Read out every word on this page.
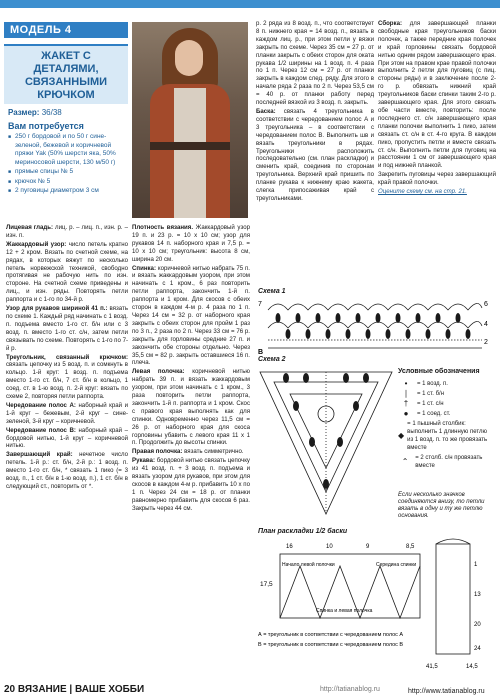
МОДЕЛЬ 4
ЖАКЕТ С ДЕТАЛЯМИ, СВЯЗАННЫМИ КРЮЧКОМ
Размер: 36/38
Вам потребуется
■ 250 г бордовой и по 50 г сине-зеленой, бежевой и коричневой пряжи Yak (50% шерсти яка, 50% мериносовой шерсти, 130 м/50 г)
■ прямые спицы № 5
■ крючок № 5
■ 2 пуговицы диаметром 3 см

Лицевая гладь: лиц. р. – лиц. п., изн. р. – изн. п.

Жаккардовый узор: число петель кратно 12 + 2 кром. Вязать по счетной схеме, на рядах, в которых вяжут по несколько петель норвежской техникой, свободно протягивая не рабочую нить по изн. стороне. На счетной схеме приведены и лиц., и изн. ряды. Повторять петли раппорта и с 1-го по 34-й р.

Узор для рукавов шириной 41 п.: вязать по схеме 1. Каждый ряд начинать с 1 возд. п. подъема вместо 1-го ст. б/н или с 3 возд. п. вместо 1-го ст. с/н, затем петли связывать по схеме. Повторять с 1-го по 7-й р.

Треугольник, связанный крючком: связать цепочку из 5 возд. п. и сомкнуть в кольцо. 1-й круг: 1 возд. п. подъема вместо 1-го ст. б/н, 7 ст. б/н в кольцо, 1 соед. ст. в 1-ю возд. п. 2-й круг: вязать по схеме 2, повторяя петли раппорта.

Чередование полос А: наборный край и 1-й круг – бежевым, 2-й круг – сине-зеленой, 3-й круг – коричневой.

Чередование полос В: наборный край – бордовой нитью, 1-й круг – коричневой нитью.

Завершающий край: нечетное число петель. 1-й р.: ст. б/н, 2-й р.: 1 возд. п. вместо 1-го ст. б/н, * связать 1 пико (= 3 возд. п., 1 ст. б/н в 1-ю возд. п.), 1 ст. б/н в следующий ст., повторить от *.

Плотность вязания. Жаккардовый узор 19 п. и 23 р. = 10 х 10 см; узор для рукавов 14 п. наборного края и 7,5 р. = 10 х 10 см; треугольник: высота 8 см, ширина 20 см.

Спинка: коричневой нитью набрать 75 п. и вязать жаккардовым узором, при этом начинать с 1 кром., 6 раз повторить петли раппорта, закончить 1-й п. раппорта и 1 кром. Для скосов с обеих сторон в каждом 4-м р. 4 раза по 1 п. Через 14 см = 32 р. от наборного края закрыть с обеих сторон для пройм 1 раз по 3 п., 2 раза по 2 п. Через 33 см = 76 р. закрыть для горловины средние 27 п. и закончить обе стороны отдельно. Через 35,5 см = 82 р. закрыть оставшиеся 16 п. плеча.

Левая полочка: коричневой нитью набрать 39 п. и вязать жаккардовым узором, при этом начинать с 1 кром., 3 раза повторить петли раппорта, закончить 1-й п. раппорта и 1 кром. Скос с правого края выполнять как для спинки. Одновременно через 11,5 см = 26 р. от наборного края для скоса горловины убавить с левого края 11 х 1 п. Продолжить до высоты спинки.

Правая полочка: вязать симметрично.

Рукава: бордовой нитью связать цепочку из 41 возд. п. + 3 возд. п. подъема и вязать узором для рукавов, при этом для скосов в каждом 4-м р. прибавить 10 х по 1 п. Через 24 см = 18 р. от планки равномерно прибавить для скосов 6 раз. Закрыть через 44 см.

р. 2 ряда из 8 возд. п., что соответствует 8 п. нижнего края = 14 возд. п., вязать в каждом лиц. р., при этом петли у вязки закрыть по схеме. Через 35 см = 27 р. от планки закрыть с обеих сторон для оката рукава 1/2 ширины на 1 возд. п. 4 раза по 1 п. Через 12 см = 27 р. от планки закрыть в каждом след. ряду. Для этого в начале ряда 2 раза по 2 п. Через 53,5 см = 40 р. от планки работу перед последней вязкой из 3 возд. п. закрыть.

Баска: связать 4 треугольника в соответствии с чередованием полос А и 3 треугольника – в соответствии с чередованием полос В. Выполнить шв и вязать треугольники в рядах. Треугольники расположить последовательно (см. план раскладки) и сменить край, соединив по сторонам треугольника. Верхний край пришить по планке рукава к нижнему краю жакета, слегка припосаживая край с треугольниками.

Сборка: для завершающей планки свободные края треугольников баски полочек, а также передние края полочек и край горловины связать бордовой нитью одним рядом завершающего края. При этом на правом крае правой полочки выполнить 2 петли для пуговиц (с пиц. стороны ряды) и в заключение после 2-го р. обвязать нижний край треугольников баски спинки таким 2-го р. завершающего края. Для этого связать обе части вместе, повторить: после последнего ст. с/н завершающего края планки полочки выполнить 1 пико, затем связать ст. с/н в ст. 4-го круга. В каждом пико, пропустить петли и вместе связать ст. с/н. Выполнить петли для пуговиц на расстоянии 1 см от завершающего края и под нижней планкой.

Закрепить пуговицы через завершающий край правой полочки.

Оцените схему см. на стр. 21.

Схема 1
7	6
4
2
В
Схема 2
Условные обозначения
•	= 1 возд. п.
∣	= 1 ст. б/н
†	= 1 ст. с/н
●	= 1 соед. ст.
◆
= 1 пышный столбик: выполнить 1 длинную петлю из 1 возд. п. то же провязать вместе
⌃	= 2 столб. с/н провязать вместе
Если несколько значков соединяются внизу, то петли вязать в одну и ту же петлю основания.
План раскладки 1/2 баски
17,5
16	10	9	8,5
1
13
20
24
41,5	14,5
Начало левой полочки	Середина спинки
Спинка и левая полочка
А = треугольник в соответствии с чередованием полос А
В = треугольник в соответствии с чередованием полос В
20 ВЯЗАНИЕ | ВАШЕ ХОББИ	http://tatianablog.ru	http://www.tatianablog.ru
